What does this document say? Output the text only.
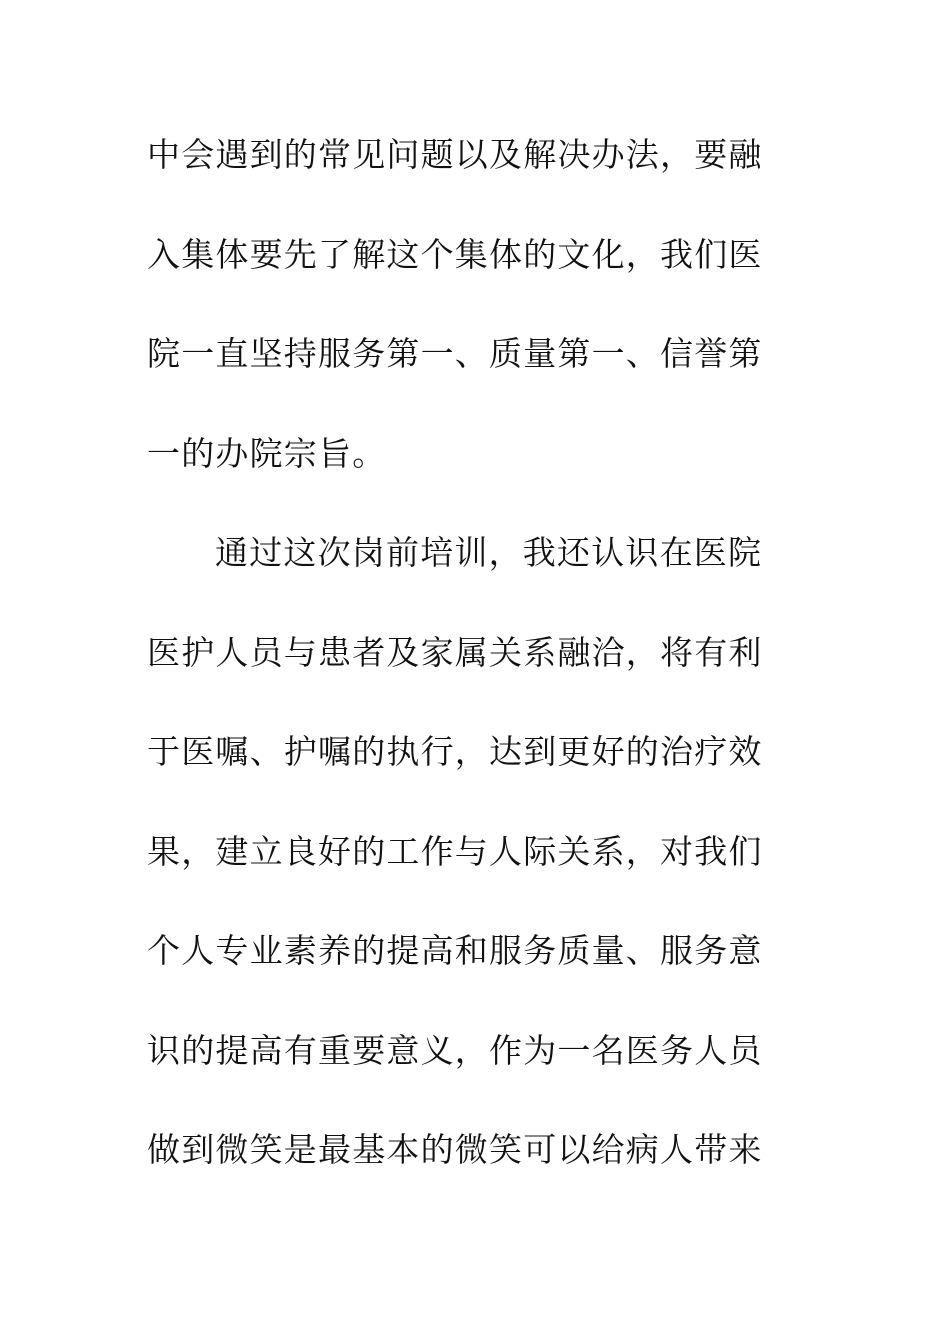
中会遇到的常见问题以及解决办法，要融
入集体要先了解这个集体的文化，我们医
院一直坚持服务第一、质量第一、信誉第
一的办院宗旨。
通过这次岗前培训，我还认识在医院
医护人员与患者及家属关系融洽，将有利
于医嘱、护嘱的执行，达到更好的治疗效
果，建立良好的工作与人际关系，对我们
个人专业素养的提高和服务质量、服务意
识的提高有重要意义，作为一名医务人员
做到微笑是最基本的微笑可以给病人带来
